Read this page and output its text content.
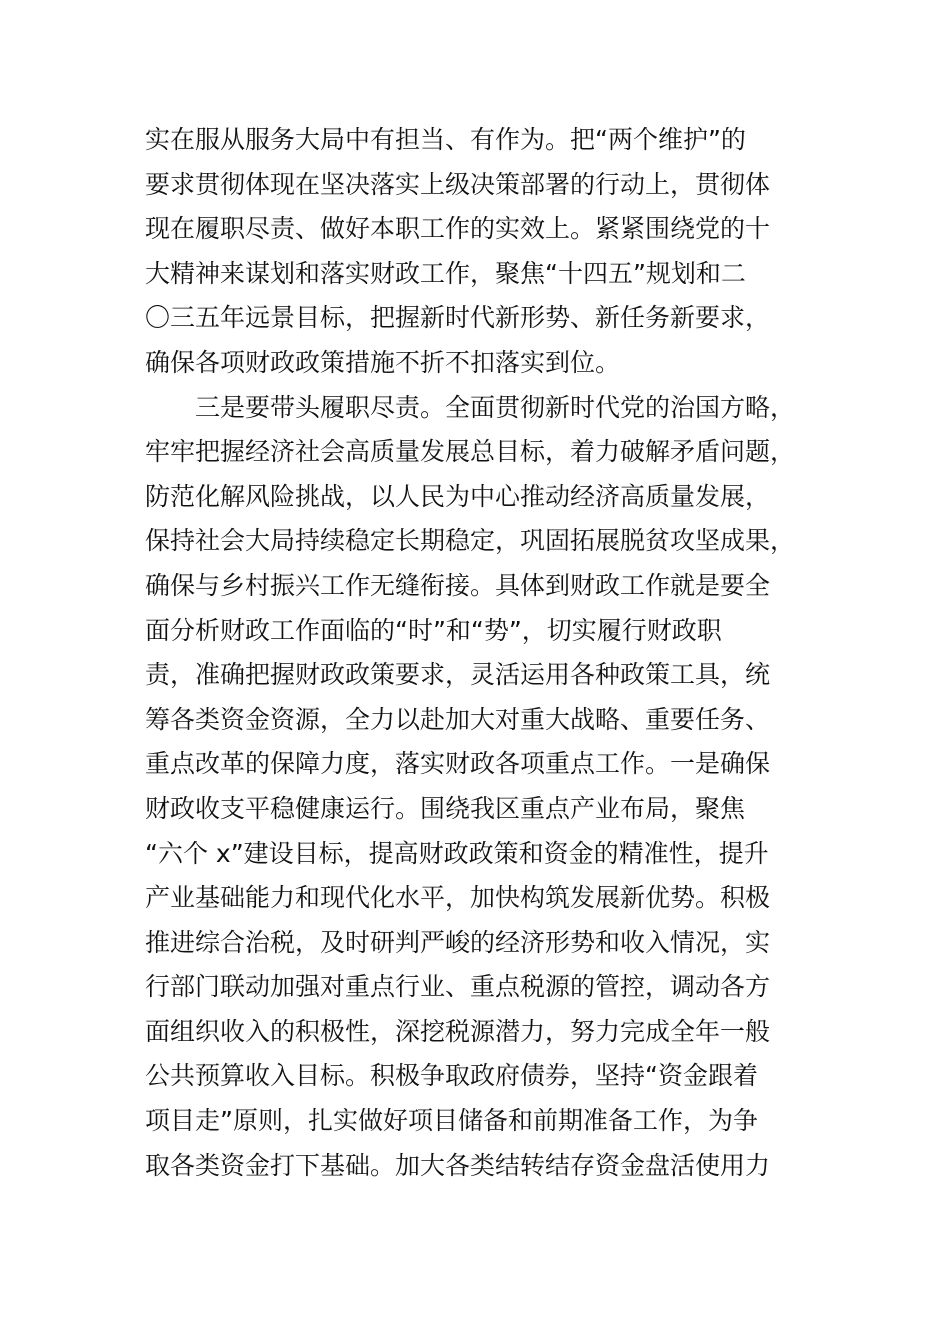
实在服从服务大局中有担当、有作为。把“两个维护”的
要求贯彻体现在坚决落实上级决策部署的行动上，贯彻体
现在履职尽责、做好本职工作的实效上。紧紧围绕党的十
大精神来谋划和落实财政工作，聚焦“十四五”规划和二
〇三五年远景目标，把握新时代新形势、新任务新要求，
确保各项财政政策措施不折不扣落实到位。
三是要带头履职尽责。全面贯彻新时代党的治国方略，
牢牢把握经济社会高质量发展总目标，着力破解矛盾问题，
防范化解风险挑战，以人民为中心推动经济高质量发展，
保持社会大局持续稳定长期稳定，巩固拓展脱贫攻坚成果，
确保与乡村振兴工作无缝衔接。具体到财政工作就是要全
面分析财政工作面临的“时”和“势”，切实履行财政职
责，准确把握财政政策要求，灵活运用各种政策工具，统
筹各类资金资源，全力以赴加大对重大战略、重要任务、
重点改革的保障力度，落实财政各项重点工作。一是确保
财政收支平稳健康运行。围绕我区重点产业布局，聚焦
“六个 x”建设目标，提高财政政策和资金的精准性，提升
产业基础能力和现代化水平，加快构筑发展新优势。积极
推进综合治税，及时研判严峻的经济形势和收入情况，实
行部门联动加强对重点行业、重点税源的管控，调动各方
面组织收入的积极性，深挖税源潜力，努力完成全年一般
公共预算收入目标。积极争取政府债券，坚持“资金跟着
项目走”原则，扎实做好项目储备和前期准备工作，为争
取各类资金打下基础。加大各类结转结存资金盘活使用力
